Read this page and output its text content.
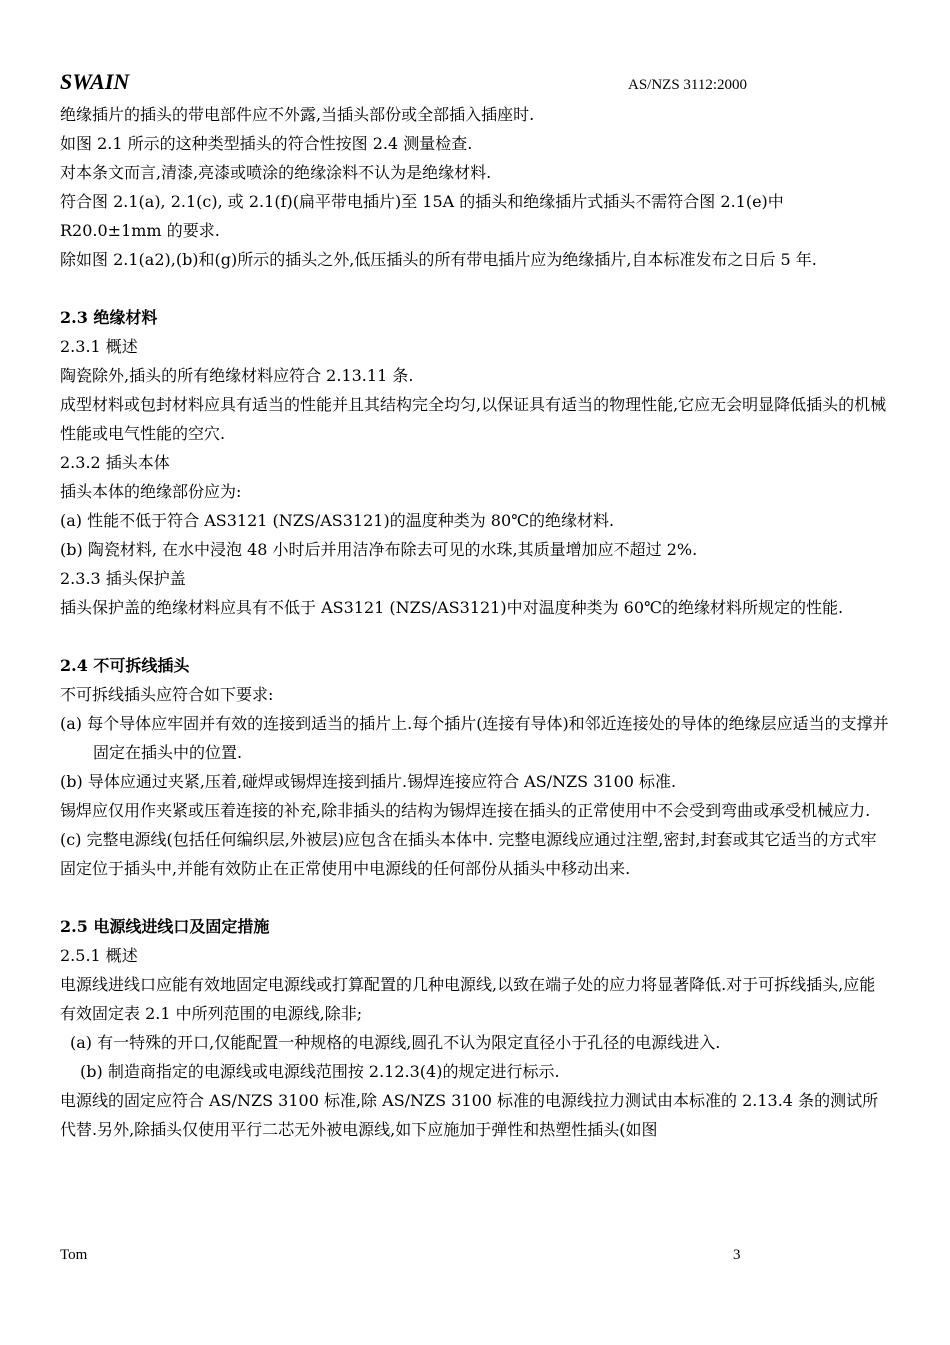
SWAIN	AS/NZS 3112:2000

绝缘插片的插头的带电部件应不外露,当插头部份或全部插入插座时.

如图 2.1 所示的这种类型插头的符合性按图 2.4 测量检查.

对本条文而言,清漆,亮漆或喷涂的绝缘涂料不认为是绝缘材料.

符合图 2.1(a), 2.1(c), 或 2.1(f)(扁平带电插片)至 15A 的插头和绝缘插片式插头不需符合图 2.1(e)中 R20.0±1mm 的要求.

除如图 2.1(a2),(b)和(g)所示的插头之外,低压插头的所有带电插片应为绝缘插片,自本标准发布之日后 5 年.

2.3 绝缘材料

2.3.1 概述

陶瓷除外,插头的所有绝缘材料应符合 2.13.11 条.

成型材料或包封材料应具有适当的性能并且其结构完全均匀,以保证具有适当的物理性能,它应无会明显降低插头的机械性能或电气性能的空穴.

2.3.2 插头本体

插头本体的绝缘部份应为:

(a) 性能不低于符合 AS3121 (NZS/AS3121)的温度种类为 80℃的绝缘材料.

(b) 陶瓷材料, 在水中浸泡 48 小时后并用洁净布除去可见的水珠,其质量增加应不超过 2%.

2.3.3 插头保护盖

插头保护盖的绝缘材料应具有不低于 AS3121 (NZS/AS3121)中对温度种类为 60℃的绝缘材料所规定的性能.

2.4 不可拆线插头

不可拆线插头应符合如下要求:

(a) 每个导体应牢固并有效的连接到适当的插片上.每个插片(连接有导体)和邻近连接处的导体的绝缘层应适当的支撑并固定在插头中的位置.

(b) 导体应通过夹紧,压着,碰焊或锡焊连接到插片.锡焊连接应符合 AS/NZS 3100 标准.

锡焊应仅用作夹紧或压着连接的补充,除非插头的结构为锡焊连接在插头的正常使用中不会受到弯曲或承受机械应力.

(c) 完整电源线(包括任何编织层,外被层)应包含在插头本体中. 完整电源线应通过注塑,密封,封套或其它适当的方式牢固定位于插头中,并能有效防止在正常使用中电源线的任何部份从插头中移动出来.

2.5 电源线进线口及固定措施

2.5.1 概述

电源线进线口应能有效地固定电源线或打算配置的几种电源线,以致在端子处的应力将显著降低.对于可拆线插头,应能有效固定表 2.1 中所列范围的电源线,除非;

(a) 有一特殊的开口,仅能配置一种规格的电源线,圆孔不认为限定直径小于孔径的电源线进入.

(b) 制造商指定的电源线或电源线范围按 2.12.3(4)的规定进行标示.

电源线的固定应符合 AS/NZS 3100 标准,除 AS/NZS 3100 标准的电源线拉力测试由本标准的 2.13.4 条的测试所代替.另外,除插头仅使用平行二芯无外被电源线,如下应施加于弹性和热塑性插头(如图

Tom	3
